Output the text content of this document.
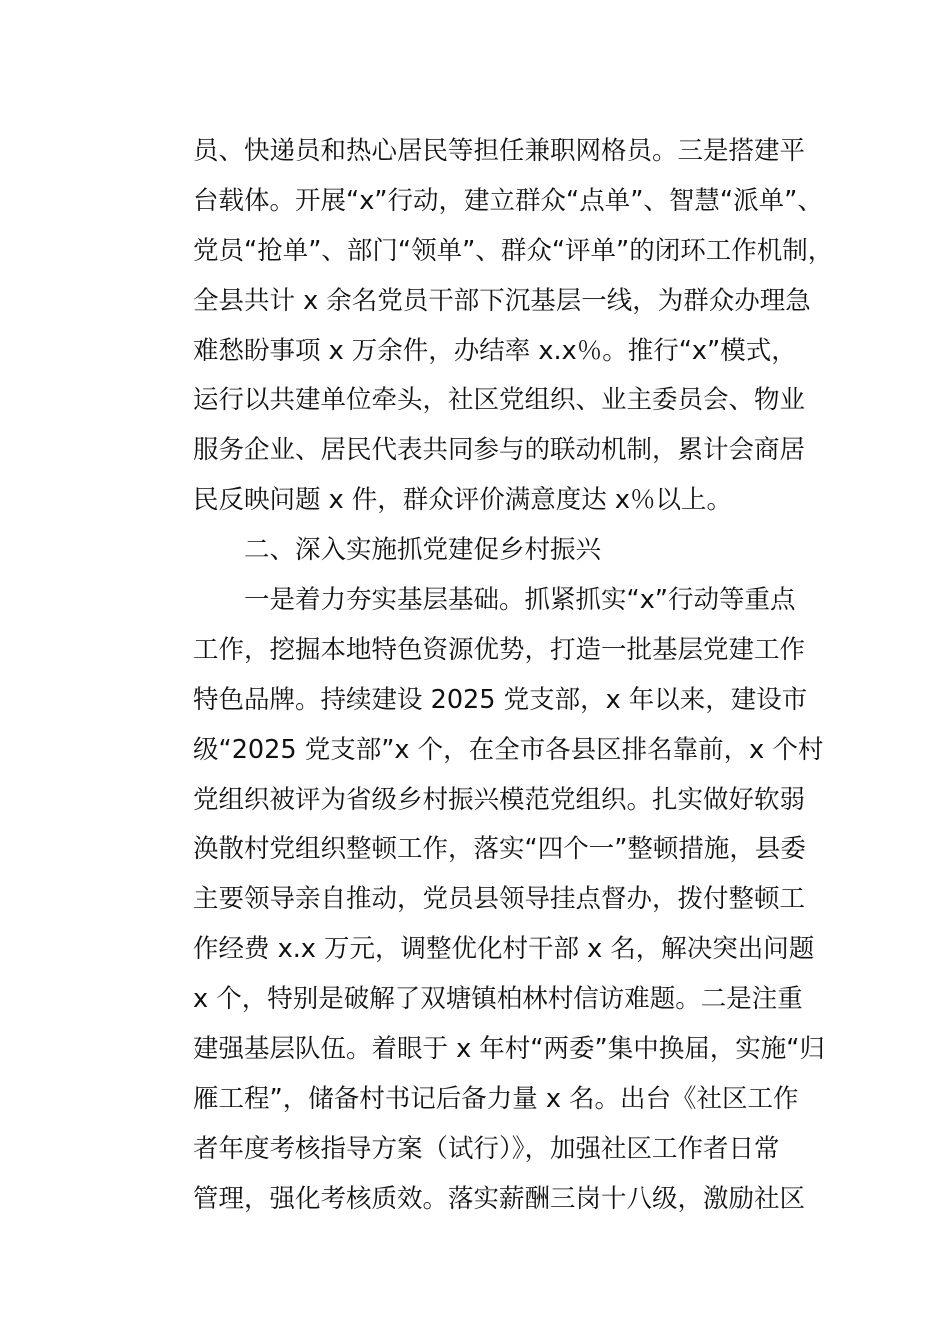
员、快递员和热心居民等担任兼职网格员。三是搭建平
台载体。开展“x”行动，建立群众“点单”、智慧“派单”、
党员“抢单”、部门“领单”、群众“评单”的闭环工作机制，
全县共计 x 余名党员干部下沉基层一线，为群众办理急
难愁盼事项 x 万余件，办结率 x.x％。推行“x”模式，
运行以共建单位牵头，社区党组织、业主委员会、物业
服务企业、居民代表共同参与的联动机制，累计会商居
民反映问题 x 件，群众评价满意度达 x％以上。
二、深入实施抓党建促乡村振兴
一是着力夯实基层基础。抓紧抓实“x”行动等重点
工作，挖掘本地特色资源优势，打造一批基层党建工作
特色品牌。持续建设 2025 党支部，x 年以来，建设市
级“2025 党支部”x 个，在全市各县区排名靠前，x 个村
党组织被评为省级乡村振兴模范党组织。扎实做好软弱
涣散村党组织整顿工作，落实“四个一”整顿措施，县委
主要领导亲自推动，党员县领导挂点督办，拨付整顿工
作经费 x.x 万元，调整优化村干部 x 名，解决突出问题
x 个，特别是破解了双塘镇柏林村信访难题。二是注重
建强基层队伍。着眼于 x 年村“两委”集中换届，实施“归
雁工程”，储备村书记后备力量 x 名。出台《社区工作
者年度考核指导方案（试行）》，加强社区工作者日常
管理，强化考核质效。落实薪酬三岗十八级，激励社区
